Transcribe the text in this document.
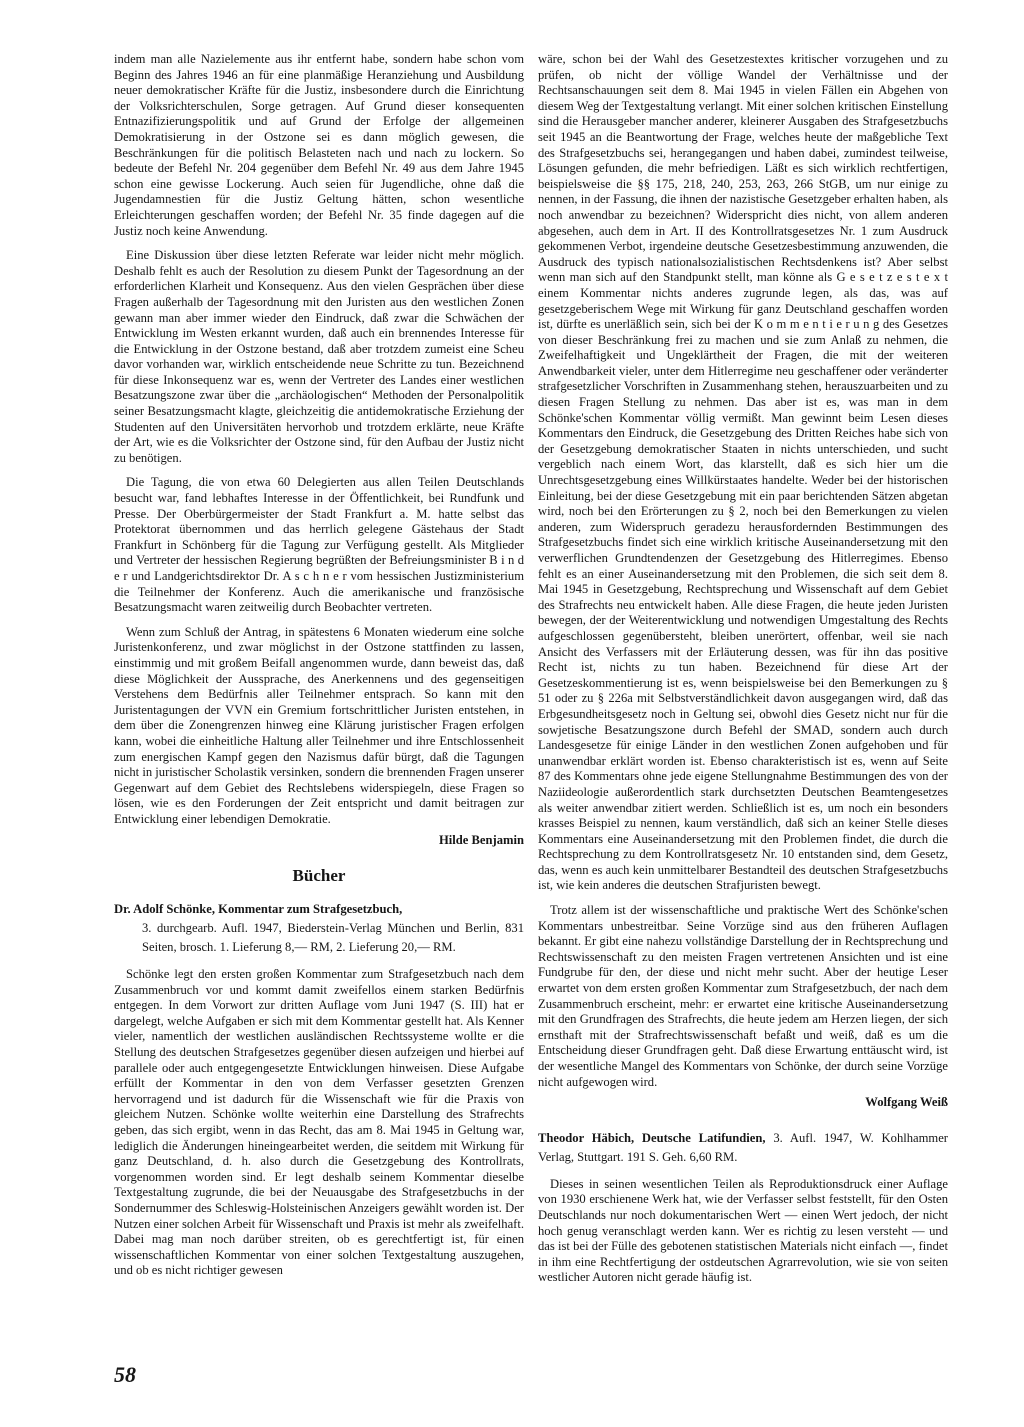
indem man alle Nazielemente aus ihr entfernt habe, sondern habe schon vom Beginn des Jahres 1946 an für eine planmäßige Heranziehung und Ausbildung neuer demokratischer Kräfte für die Justiz, insbesondere durch die Einrichtung der Volksrichterschulen, Sorge getragen. Auf Grund dieser konsequenten Entnazifizierungspolitik und auf Grund der Erfolge der allgemeinen Demokratisierung in der Ostzone sei es dann möglich gewesen, die Beschränkungen für die politisch Belasteten nach und nach zu lockern. So bedeute der Befehl Nr. 204 gegenüber dem Befehl Nr. 49 aus dem Jahre 1945 schon eine gewisse Lockerung. Auch seien für Jugendliche, ohne daß die Jugendamnestien für die Justiz Geltung hätten, schon wesentliche Erleichterungen geschaffen worden; der Befehl Nr. 35 finde dagegen auf die Justiz noch keine Anwendung.

Eine Diskussion über diese letzten Referate war leider nicht mehr möglich. Deshalb fehlt es auch der Resolution zu diesem Punkt der Tagesordnung an der erforderlichen Klarheit und Konsequenz. Aus den vielen Gesprächen über diese Fragen außerhalb der Tagesordnung mit den Juristen aus den westlichen Zonen gewann man aber immer wieder den Eindruck, daß zwar die Schwächen der Entwicklung im Westen erkannt wurden, daß auch ein brennendes Interesse für die Entwicklung in der Ostzone bestand, daß aber trotzdem zumeist eine Scheu davor vorhanden war, wirklich entscheidende neue Schritte zu tun. Bezeichnend für diese Inkonsequenz war es, wenn der Vertreter des Landes einer westlichen Besatzungszone zwar über die „archäologischen“ Methoden der Personalpolitik seiner Besatzungsmacht klagte, gleichzeitig die antidemokratische Erziehung der Studenten auf den Universitäten hervorhob und trotzdem erklärte, neue Kräfte der Art, wie es die Volksrichter der Ostzone sind, für den Aufbau der Justiz nicht zu benötigen.

Die Tagung, die von etwa 60 Delegierten aus allen Teilen Deutschlands besucht war, fand lebhaftes Interesse in der Öffentlichkeit, bei Rundfunk und Presse. Der Oberbürgermeister der Stadt Frankfurt a. M. hatte selbst das Protektorat übernommen und das herrlich gelegene Gästehaus der Stadt Frankfurt in Schönberg für die Tagung zur Verfügung gestellt. Als Mitglieder und Vertreter der hessischen Regierung begrüßten der Befreiungsminister B i n d e r und Landgerichtsdirektor Dr. A s c h n e r vom hessischen Justizministerium die Teilnehmer der Konferenz. Auch die amerikanische und französische Besatzungsmacht waren zeitweilig durch Beobachter vertreten.

Wenn zum Schluß der Antrag, in spätestens 6 Monaten wiederum eine solche Juristenkonferenz, und zwar möglichst in der Ostzone stattfinden zu lassen, einstimmig und mit großem Beifall angenommen wurde, dann beweist das, daß diese Möglichkeit der Aussprache, des Anerkennens und des gegenseitigen Verstehens dem Bedürfnis aller Teilnehmer entsprach. So kann mit den Juristentagungen der VVN ein Gremium fortschrittlicher Juristen entstehen, in dem über die Zonengrenzen hinweg eine Klärung juristischer Fragen erfolgen kann, wobei die einheitliche Haltung aller Teilnehmer und ihre Entschlossenheit zum energischen Kampf gegen den Nazismus dafür bürgt, daß die Tagungen nicht in juristischer Scholastik versinken, sondern die brennenden Fragen unserer Gegenwart auf dem Gebiet des Rechtslebens widerspiegeln, diese Fragen so lösen, wie es den Forderungen der Zeit entspricht und damit beitragen zur Entwicklung einer lebendigen Demokratie.

Hilde Benjamin
Bücher
Dr. Adolf Schönke, Kommentar zum Strafgesetzbuch,
3. durchgearb. Aufl. 1947, Biederstein-Verlag München und Berlin, 831 Seiten, brosch. 1. Lieferung 8,— RM, 2. Lieferung 20,— RM.

Schönke legt den ersten großen Kommentar zum Strafgesetzbuch nach dem Zusammenbruch vor und kommt damit zweifellos einem starken Bedürfnis entgegen. In dem Vorwort zur dritten Auflage vom Juni 1947 (S. III) hat er dargelegt, welche Aufgaben er sich mit dem Kommentar gestellt hat. Als Kenner vieler, namentlich der westlichen ausländischen Rechtssysteme wollte er die Stellung des deutschen Strafgesetzes gegenüber diesen aufzeigen und hierbei auf parallele oder auch entgegengesetzte Entwicklungen hinweisen. Diese Aufgabe erfüllt der Kommentar in den von dem Verfasser gesetzten Grenzen hervorragend und ist dadurch für die Wissenschaft wie für die Praxis von gleichem Nutzen. Schönke wollte weiterhin eine Darstellung des Strafrechts geben, das sich ergibt, wenn in das Recht, das am 8. Mai 1945 in Geltung war, lediglich die Änderungen hineingearbeitet werden, die seitdem mit Wirkung für ganz Deutschland, d. h. also durch die Gesetzgebung des Kontrollrats, vorgenommen worden sind. Er legt deshalb seinem Kommentar dieselbe Textgestaltung zugrunde, die bei der Neuausgabe des Strafgesetzbuchs in der Sondernummer des Schleswig-Holsteinischen Anzeigers gewählt worden ist. Der Nutzen einer solchen Arbeit für Wissenschaft und Praxis ist mehr als zweifelhaft. Dabei mag man noch darüber streiten, ob es gerechtfertigt ist, für einen wissenschaftlichen Kommentar von einer solchen Textgestaltung auszugehen, und ob es nicht richtiger gewesen

wäre, schon bei der Wahl des Gesetzestextes kritischer vorzugehen und zu prüfen, ob nicht der völlige Wandel der Verhältnisse und der Rechtsanschauungen seit dem 8. Mai 1945 in vielen Fällen ein Abgehen von diesem Weg der Textgestaltung verlangt. Mit einer solchen kritischen Einstellung sind die Herausgeber mancher anderer, kleinerer Ausgaben des Strafgesetzbuchs seit 1945 an die Beantwortung der Frage, welches heute der maßgebliche Text des Strafgesetzbuchs sei, herangegangen und haben dabei, zumindest teilweise, Lösungen gefunden, die mehr befriedigen. Läßt es sich wirklich rechtfertigen, beispielsweise die §§ 175, 218, 240, 253, 263, 266 StGB, um nur einige zu nennen, in der Fassung, die ihnen der nazistische Gesetzgeber erhalten haben, als noch anwendbar zu bezeichnen? Widerspricht dies nicht, von allem anderen abgesehen, auch dem in Art. II des Kontrollratsgesetzes Nr. 1 zum Ausdruck gekommenen Verbot, irgendeine deutsche Gesetzesbestimmung anzuwenden, die Ausdruck des typisch nationalsozialistischen Rechtsdenkens ist? Aber selbst wenn man sich auf den Standpunkt stellt, man könne als G e s e t z e s t e x t einem Kommentar nichts anderes zugrunde legen, als das, was auf gesetzgeberischem Wege mit Wirkung für ganz Deutschland geschaffen worden ist, dürfte es unerläßlich sein, sich bei der K o m m e n t i e r u n g des Gesetzes von dieser Beschränkung frei zu machen und sie zum Anlaß zu nehmen, die Zweifelhaftigkeit und Ungeklärtheit der Fragen, die mit der weiteren Anwendbarkeit vieler, unter dem Hitlerregime neu geschaffener oder veränderter strafgesetzlicher Vorschriften in Zusammenhang stehen, herauszuarbeiten und zu diesen Fragen Stellung zu nehmen. Das aber ist es, was man in dem Schönke'schen Kommentar völlig vermißt. Man gewinnt beim Lesen dieses Kommentars den Eindruck, die Gesetzgebung des Dritten Reiches habe sich von der Gesetzgebung demokratischer Staaten in nichts unterschieden, und sucht vergeblich nach einem Wort, das klarstellt, daß es sich hier um die Unrechtsgesetzgebung eines Willkürstaates handelte. Weder bei der historischen Einleitung, bei der diese Gesetzgebung mit ein paar berichtenden Sätzen abgetan wird, noch bei den Erörterungen zu § 2, noch bei den Bemerkungen zu vielen anderen, zum Widerspruch geradezu herausfordernden Bestimmungen des Strafgesetzbuchs findet sich eine wirklich kritische Auseinandersetzung mit den verwerflichen Grundtendenzen der Gesetzgebung des Hitlerregimes. Ebenso fehlt es an einer Auseinandersetzung mit den Problemen, die sich seit dem 8. Mai 1945 in Gesetzgebung, Rechtsprechung und Wissenschaft auf dem Gebiet des Strafrechts neu entwickelt haben. Alle diese Fragen, die heute jeden Juristen bewegen, der der Weiterentwicklung und notwendigen Umgestaltung des Rechts aufgeschlossen gegenübersteht, bleiben unerörtert, offenbar, weil sie nach Ansicht des Verfassers mit der Erläuterung dessen, was für ihn das positive Recht ist, nichts zu tun haben. Bezeichnend für diese Art der Gesetzeskommentierung ist es, wenn beispielsweise bei den Bemerkungen zu § 51 oder zu § 226a mit Selbstverständlichkeit davon ausgegangen wird, daß das Erbgesundheitsgesetz noch in Geltung sei, obwohl dies Gesetz nicht nur für die sowjetische Besatzungszone durch Befehl der SMAD, sondern auch durch Landesgesetze für einige Länder in den westlichen Zonen aufgehoben und für unanwendbar erklärt worden ist. Ebenso charakteristisch ist es, wenn auf Seite 87 des Kommentars ohne jede eigene Stellungnahme Bestimmungen des von der Naziideologie außerordentlich stark durchsetzten Deutschen Beamtengesetzes als weiter anwendbar zitiert werden. Schließlich ist es, um noch ein besonders krasses Beispiel zu nennen, kaum verständlich, daß sich an keiner Stelle dieses Kommentars eine Auseinandersetzung mit den Problemen findet, die durch die Rechtsprechung zu dem Kontrollratsgesetz Nr. 10 entstanden sind, dem Gesetz, das, wenn es auch kein unmittelbarer Bestandteil des deutschen Strafgesetzbuchs ist, wie kein anderes die deutschen Strafjuristen bewegt.

Trotz allem ist der wissenschaftliche und praktische Wert des Schönke'schen Kommentars unbestreitbar. Seine Vorzüge sind aus den früheren Auflagen bekannt. Er gibt eine nahezu vollständige Darstellung der in Rechtsprechung und Rechtswissenschaft zu den meisten Fragen vertretenen Ansichten und ist eine Fundgrube für den, der diese und nicht mehr sucht. Aber der heutige Leser erwartet von dem ersten großen Kommentar zum Strafgesetzbuch, der nach dem Zusammenbruch erscheint, mehr: er erwartet eine kritische Auseinandersetzung mit den Grundfragen des Strafrechts, die heute jedem am Herzen liegen, der sich ernsthaft mit der Strafrechtswissenschaft befaßt und weiß, daß es um die Entscheidung dieser Grundfragen geht. Daß diese Erwartung enttäuscht wird, ist der wesentliche Mangel des Kommentars von Schönke, der durch seine Vorzüge nicht aufgewogen wird.

Wolfgang Weiß
Theodor Häbich, Deutsche Latifundien, 3. Aufl. 1947, W. Kohlhammer Verlag, Stuttgart. 191 S. Geh. 6,60 RM.

Dieses in seinen wesentlichen Teilen als Reproduktionsdruck einer Auflage von 1930 erschienene Werk hat, wie der Verfasser selbst feststellt, für den Osten Deutschlands nur noch dokumentarischen Wert — einen Wert jedoch, der nicht hoch genug veranschlagt werden kann. Wer es richtig zu lesen versteht — und das ist bei der Fülle des gebotenen statistischen Materials nicht einfach —, findet in ihm eine Rechtfertigung der ostdeutschen Agrarrevolution, wie sie von seiten westlicher Autoren nicht gerade häufig ist.

58
